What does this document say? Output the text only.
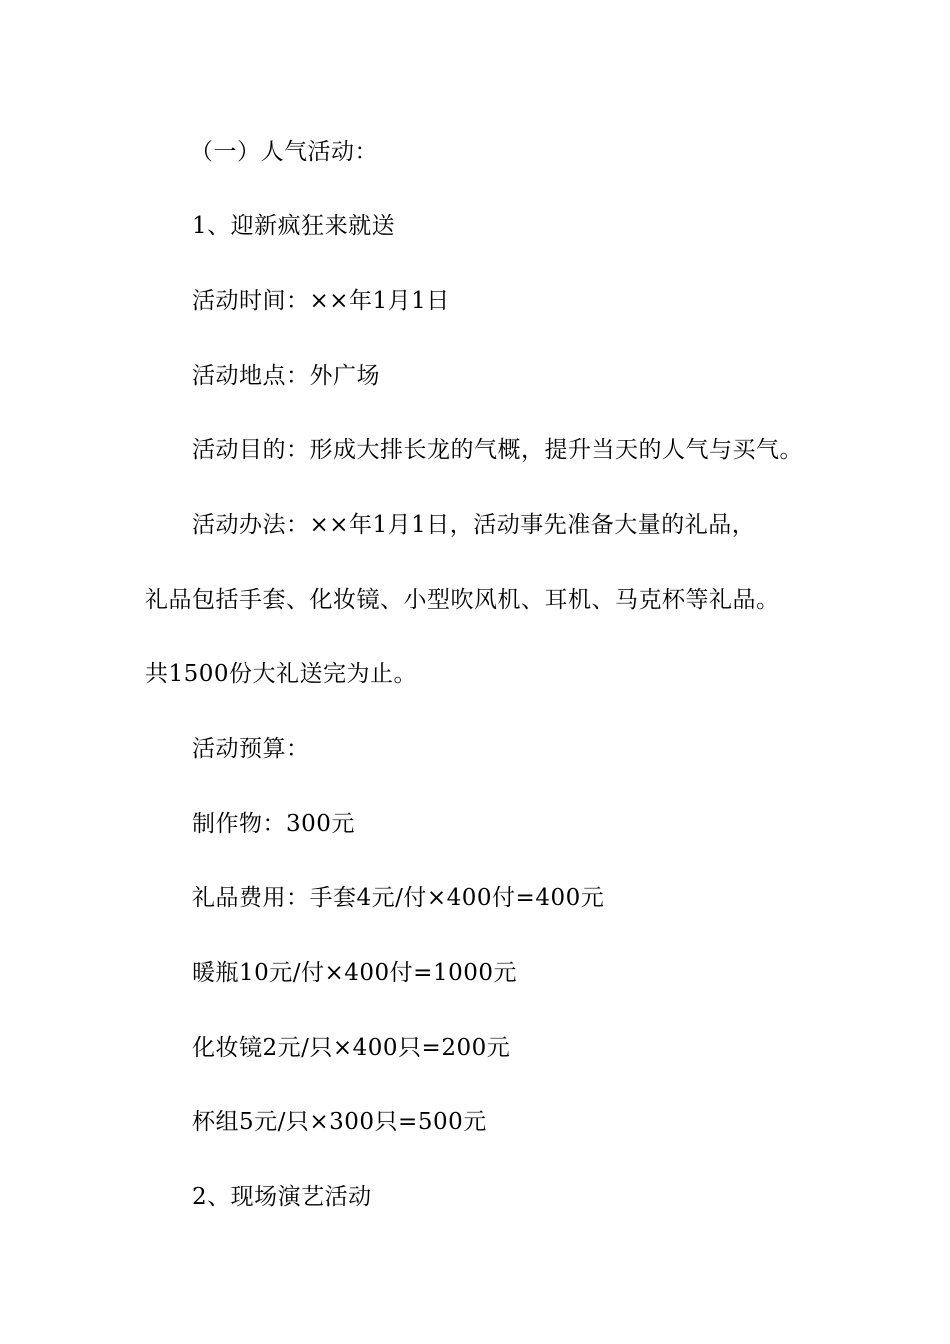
（一）人气活动：
1、迎新疯狂来就送
活动时间：××年1月1日
活动地点：外广场
活动目的：形成大排长龙的气概，提升当天的人气与买气。
活动办法：××年1月1日，活动事先准备大量的礼品，
礼品包括手套、化妆镜、小型吹风机、耳机、马克杯等礼品。
共1500份大礼送完为止。
活动预算：
制作物：300元
礼品费用：手套4元/付×400付=400元
暖瓶10元/付×400付=1000元
化妆镜2元/只×400只=200元
杯组5元/只×300只=500元
2、现场演艺活动
